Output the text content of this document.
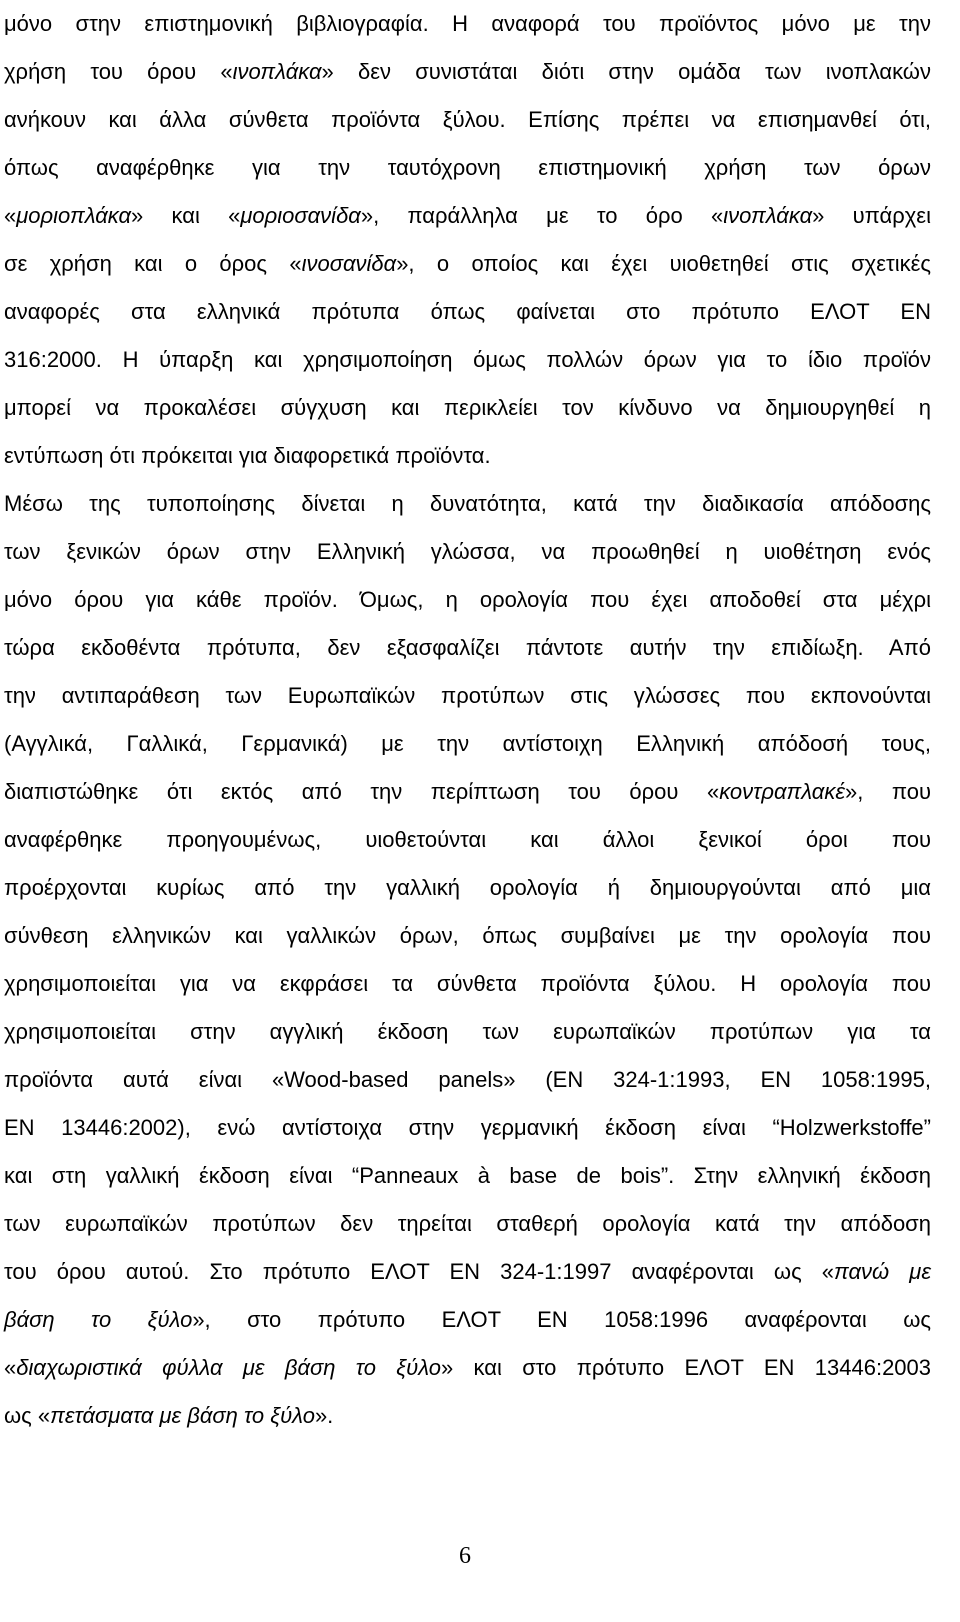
μόνο στην επιστημονική βιβλιογραφία. Η αναφορά του προϊόντος μόνο με την
χρήση του όρου «ινοπλάκα» δεν συνιστάται διότι στην ομάδα των ινοπλακών
ανήκουν και άλλα σύνθετα προϊόντα ξύλου. Επίσης πρέπει να επισημανθεί ότι,
όπως αναφέρθηκε για την ταυτόχρονη επιστημονική χρήση των όρων
«μοριοπλάκα» και «μοριοσανίδα», παράλληλα με το όρο «ινοπλάκα» υπάρχει
σε χρήση και ο όρος «ινοσανίδα», ο οποίος και έχει υιοθετηθεί στις σχετικές
αναφορές στα ελληνικά πρότυπα όπως φαίνεται στο πρότυπο ΕΛΟΤ ΕΝ
316:2000. Η ύπαρξη και χρησιμοποίηση όμως πολλών όρων για το ίδιο προϊόν
μπορεί να προκαλέσει σύγχυση και περικλείει τον κίνδυνο να δημιουργηθεί η
εντύπωση ότι πρόκειται για διαφορετικά προϊόντα.
Μέσω της τυποποίησης δίνεται η δυνατότητα, κατά την διαδικασία απόδοσης
των ξενικών όρων στην Ελληνική γλώσσα, να προωθηθεί η υιοθέτηση ενός
μόνο όρου για κάθε προϊόν. Όμως, η ορολογία που έχει αποδοθεί στα μέχρι
τώρα εκδοθέντα πρότυπα, δεν εξασφαλίζει πάντοτε αυτήν την επιδίωξη. Από
την αντιπαράθεση των Ευρωπαϊκών προτύπων στις γλώσσες που εκπονούνται
(Αγγλικά, Γαλλικά, Γερμανικά) με την αντίστοιχη Ελληνική απόδοσή τους,
διαπιστώθηκε ότι εκτός από την περίπτωση του όρου «κοντραπλακέ», που
αναφέρθηκε προηγουμένως, υιοθετούνται και άλλοι ξενικοί όροι που
προέρχονται κυρίως από την γαλλική ορολογία ή δημιουργούνται από μια
σύνθεση ελληνικών και γαλλικών όρων, όπως συμβαίνει με την ορολογία που
χρησιμοποιείται για να εκφράσει τα σύνθετα προϊόντα ξύλου. Η ορολογία που
χρησιμοποιείται στην αγγλική έκδοση των ευρωπαϊκών προτύπων για τα
προϊόντα αυτά είναι «Wood-based panels» (EN 324-1:1993, EN 1058:1995,
EN 13446:2002), ενώ αντίστοιχα στην γερμανική έκδοση είναι “Holzwerkstoffe”
και στη γαλλική έκδοση είναι “Panneaux à base de bois”. Στην ελληνική έκδοση
των ευρωπαϊκών προτύπων δεν τηρείται σταθερή ορολογία κατά την απόδοση
του όρου αυτού. Στο πρότυπο ΕΛΟΤ ΕΝ 324-1:1997 αναφέρονται ως «πανώ με
βάση το ξύλο», στο πρότυπο ΕΛΟΤ ΕΝ 1058:1996 αναφέρονται ως
«διαχωριστικά φύλλα με βάση το ξύλο» και στο πρότυπο ΕΛΟΤ ΕΝ 13446:2003
ως «πετάσματα με βάση το ξύλο».
6
